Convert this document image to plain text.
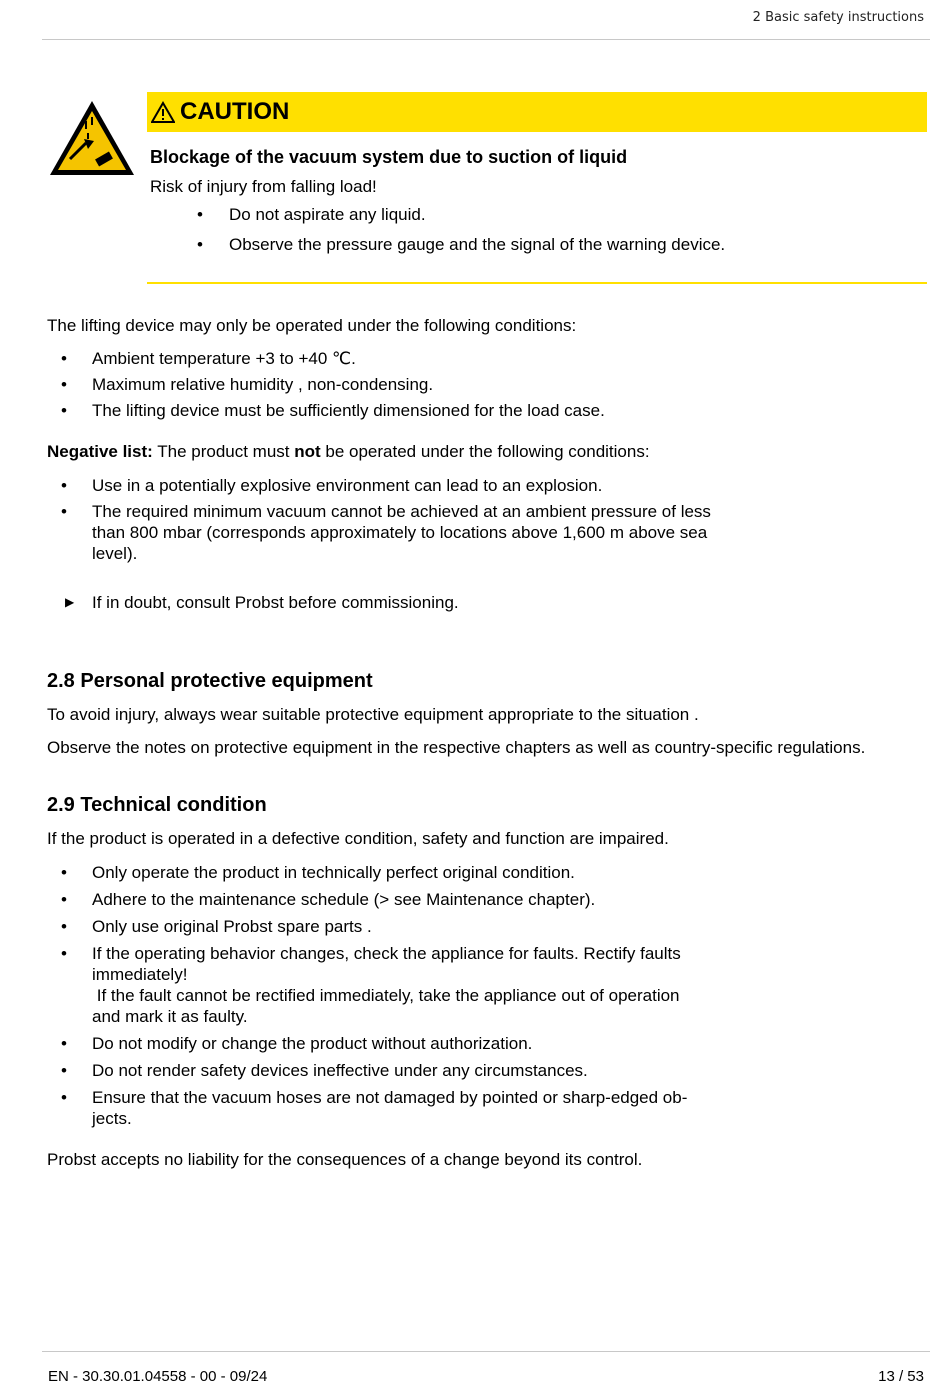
2 Basic safety instructions
CAUTION
Blockage of the vacuum system due to suction of liquid
Risk of injury from falling load!
• Do not aspirate any liquid.
• Observe the pressure gauge and the signal of the warning device.

The lifting device may only be operated under the following conditions:

• Ambient temperature +3 to +40 ℃.
• Maximum relative humidity , non-condensing.
• The lifting device must be sufficiently dimensioned for the load case.

Negative list: The product must not be operated under the following conditions:

• Use in a potentially explosive environment can lead to an explosion.
• The required minimum vacuum cannot be achieved at an ambient pressure of less than 800 mbar (corresponds approximately to locations above 1,600 m above sea level).
▶ If in doubt, consult Probst before commissioning.
2.8 Personal protective equipment

To avoid injury, always wear suitable protective equipment appropriate to the situation .

Observe the notes on protective equipment in the respective chapters as well as country-specific regulations.

2.9 Technical condition

If the product is operated in a defective condition, safety and function are impaired.

• Only operate the product in technically perfect original condition.
• Adhere to the maintenance schedule (> see Maintenance chapter).
• Only use original Probst spare parts .
• If the operating behavior changes, check the appliance for faults. Rectify faults immediately!
If the fault cannot be rectified immediately, take the appliance out of operation and mark it as faulty.
• Do not modify or change the product without authorization.
• Do not render safety devices ineffective under any circumstances.
• Ensure that the vacuum hoses are not damaged by pointed or sharp-edged ob-jects.

Probst accepts no liability for the consequences of a change beyond its control.

EN - 30.30.01.04558 - 00 - 09/24	13 / 53
